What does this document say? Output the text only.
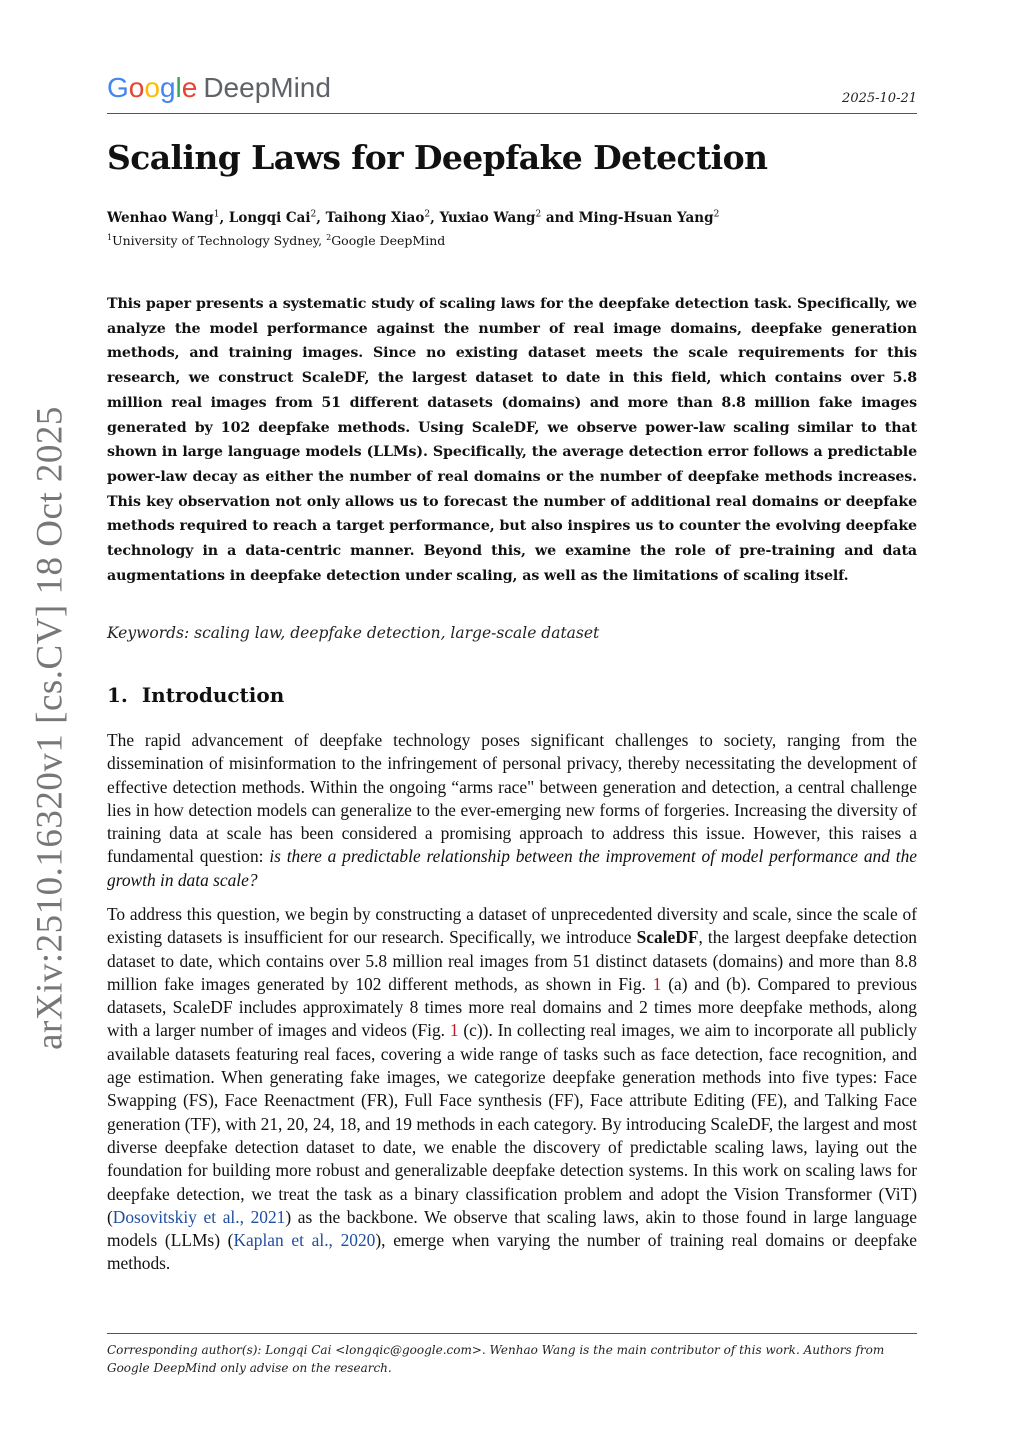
arXiv:2510.16320v1 [cs.CV] 18 Oct 2025
Google DeepMind	2025-10-21
Scaling Laws for Deepfake Detection
Wenhao Wang$^1$, Longqi Cai$^2$, Taihong Xiao$^2$, Yuxiao Wang$^2$ and Ming-Hsuan Yang$^2$
$^1$University of Technology Sydney, $^2$Google DeepMind
This paper presents a systematic study of scaling laws for the deepfake detection task. Specifically, we analyze the model performance against the number of real image domains, deepfake generation methods, and training images. Since no existing dataset meets the scale requirements for this research, we construct ScaleDF, the largest dataset to date in this field, which contains over 5.8 million real images from 51 different datasets (domains) and more than 8.8 million fake images generated by 102 deepfake methods. Using ScaleDF, we observe power-law scaling similar to that shown in large language models (LLMs). Specifically, the average detection error follows a predictable power-law decay as either the number of real domains or the number of deepfake methods increases. This key observation not only allows us to forecast the number of additional real domains or deepfake methods required to reach a target performance, but also inspires us to counter the evolving deepfake technology in a data-centric manner. Beyond this, we examine the role of pre-training and data augmentations in deepfake detection under scaling, as well as the limitations of scaling itself.
Keywords: scaling law, deepfake detection, large-scale dataset
1. Introduction

The rapid advancement of deepfake technology poses significant challenges to society, ranging from the dissemination of misinformation to the infringement of personal privacy, thereby necessitating the development of effective detection methods. Within the ongoing “arms race" between generation and detection, a central challenge lies in how detection models can generalize to the ever-emerging new forms of forgeries. Increasing the diversity of training data at scale has been considered a promising approach to address this issue. However, this raises a fundamental question: is there a predictable relationship between the improvement of model performance and the growth in data scale?

To address this question, we begin by constructing a dataset of unprecedented diversity and scale, since the scale of existing datasets is insufficient for our research. Specifically, we introduce ScaleDF, the largest deepfake detection dataset to date, which contains over 5.8 million real images from 51 distinct datasets (domains) and more than 8.8 million fake images generated by 102 different methods, as shown in Fig. 1 (a) and (b). Compared to previous datasets, ScaleDF includes approximately 8 times more real domains and 2 times more deepfake methods, along with a larger number of images and videos (Fig. 1 (c)). In collecting real images, we aim to incorporate all publicly available datasets featuring real faces, covering a wide range of tasks such as face detection, face recognition, and age estimation. When generating fake images, we categorize deepfake generation methods into five types: Face Swapping (FS), Face Reenactment (FR), Full Face synthesis (FF), Face attribute Editing (FE), and Talking Face generation (TF), with 21, 20, 24, 18, and 19 methods in each category. By introducing ScaleDF, the largest and most diverse deepfake detection dataset to date, we enable the discovery of predictable scaling laws, laying out the foundation for building more robust and generalizable deepfake detection systems. In this work on scaling laws for deepfake detection, we treat the task as a binary classification problem and adopt the Vision Transformer (ViT) (Dosovitskiy et al., 2021) as the backbone. We observe that scaling laws, akin to those found in large language models (LLMs) (Kaplan et al., 2020), emerge when varying the number of training real domains or deepfake methods.

Corresponding author(s): Longqi Cai <longqic@google.com>. Wenhao Wang is the main contributor of this work. Authors from Google DeepMind only advise on the research.
